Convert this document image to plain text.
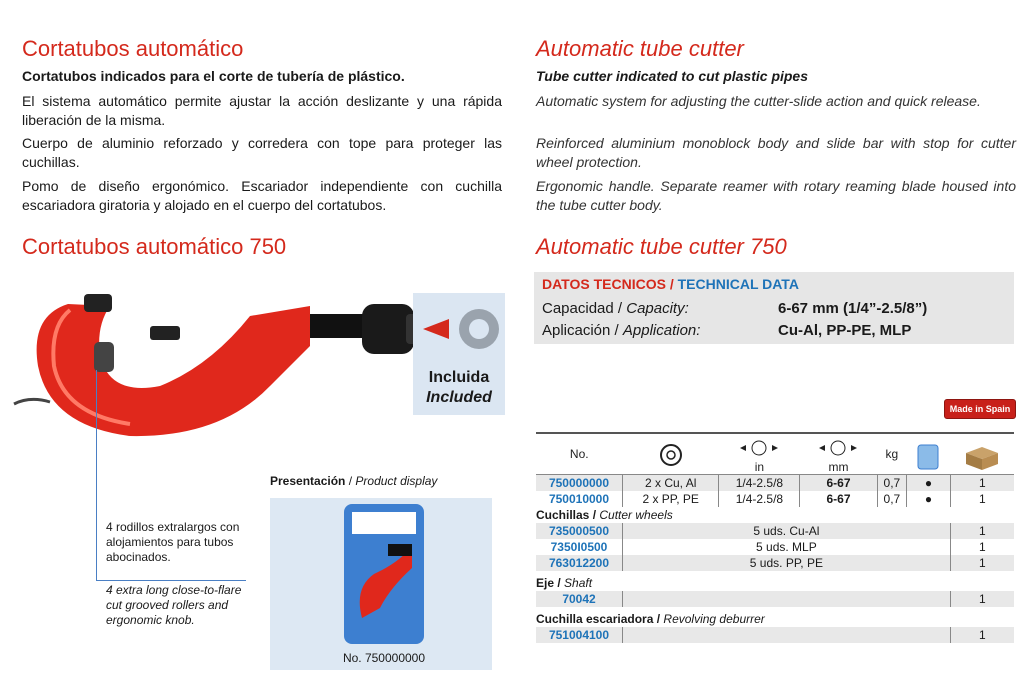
Cortatubos automático
Cortatubos indicados para el corte de tubería de plástico.
El sistema automático permite ajustar la acción deslizante y una rápida liberación de la misma.
Cuerpo de aluminio reforzado y corredera con tope para proteger las cuchillas.
Pomo de diseño ergonómico. Escariador independiente con cuchilla escariadora giratoria y alojado en el cuerpo del cortatubos.
Cortatubos automático 750
Automatic tube cutter
Tube cutter indicated to cut plastic pipes
Automatic system for adjusting the cutter-slide action and quick release.
Reinforced aluminium monoblock body and slide bar with stop for cutter wheel protection.
Ergonomic handle. Separate reamer with rotary reaming blade housed into the tube cutter body.
Automatic tube cutter 750
Incluida
Included
4 rodillos extralargos con alojamientos para tubos abocinados.
4 extra long close-to-flare cut grooved rollers and ergonomic knob.
Presentación / Product display
No. 750000000
DATOS TECNICOS / TECHNICAL DATA
Capacidad / Capacity:	6-67 mm (1/4”-2.5/8”)
Aplicación / Application:	Cu-Al, PP-PE, MLP
Made in Spain
No.		in	mm	kg		
750000000	2 x Cu, Al	1/4-2.5/8	6-67	0,7	●	1
750010000	2 x PP, PE	1/4-2.5/8	6-67	0,7	●	1
Cuchillas / Cutter wheels						
735000500	5 uds. Cu-Al					1
7350I0500	5 uds. MLP					1
763012200	5 uds. PP, PE					1
Eje / Shaft						
70042						1
Cuchilla escariadora / Revolving deburrer						
751004100						1
